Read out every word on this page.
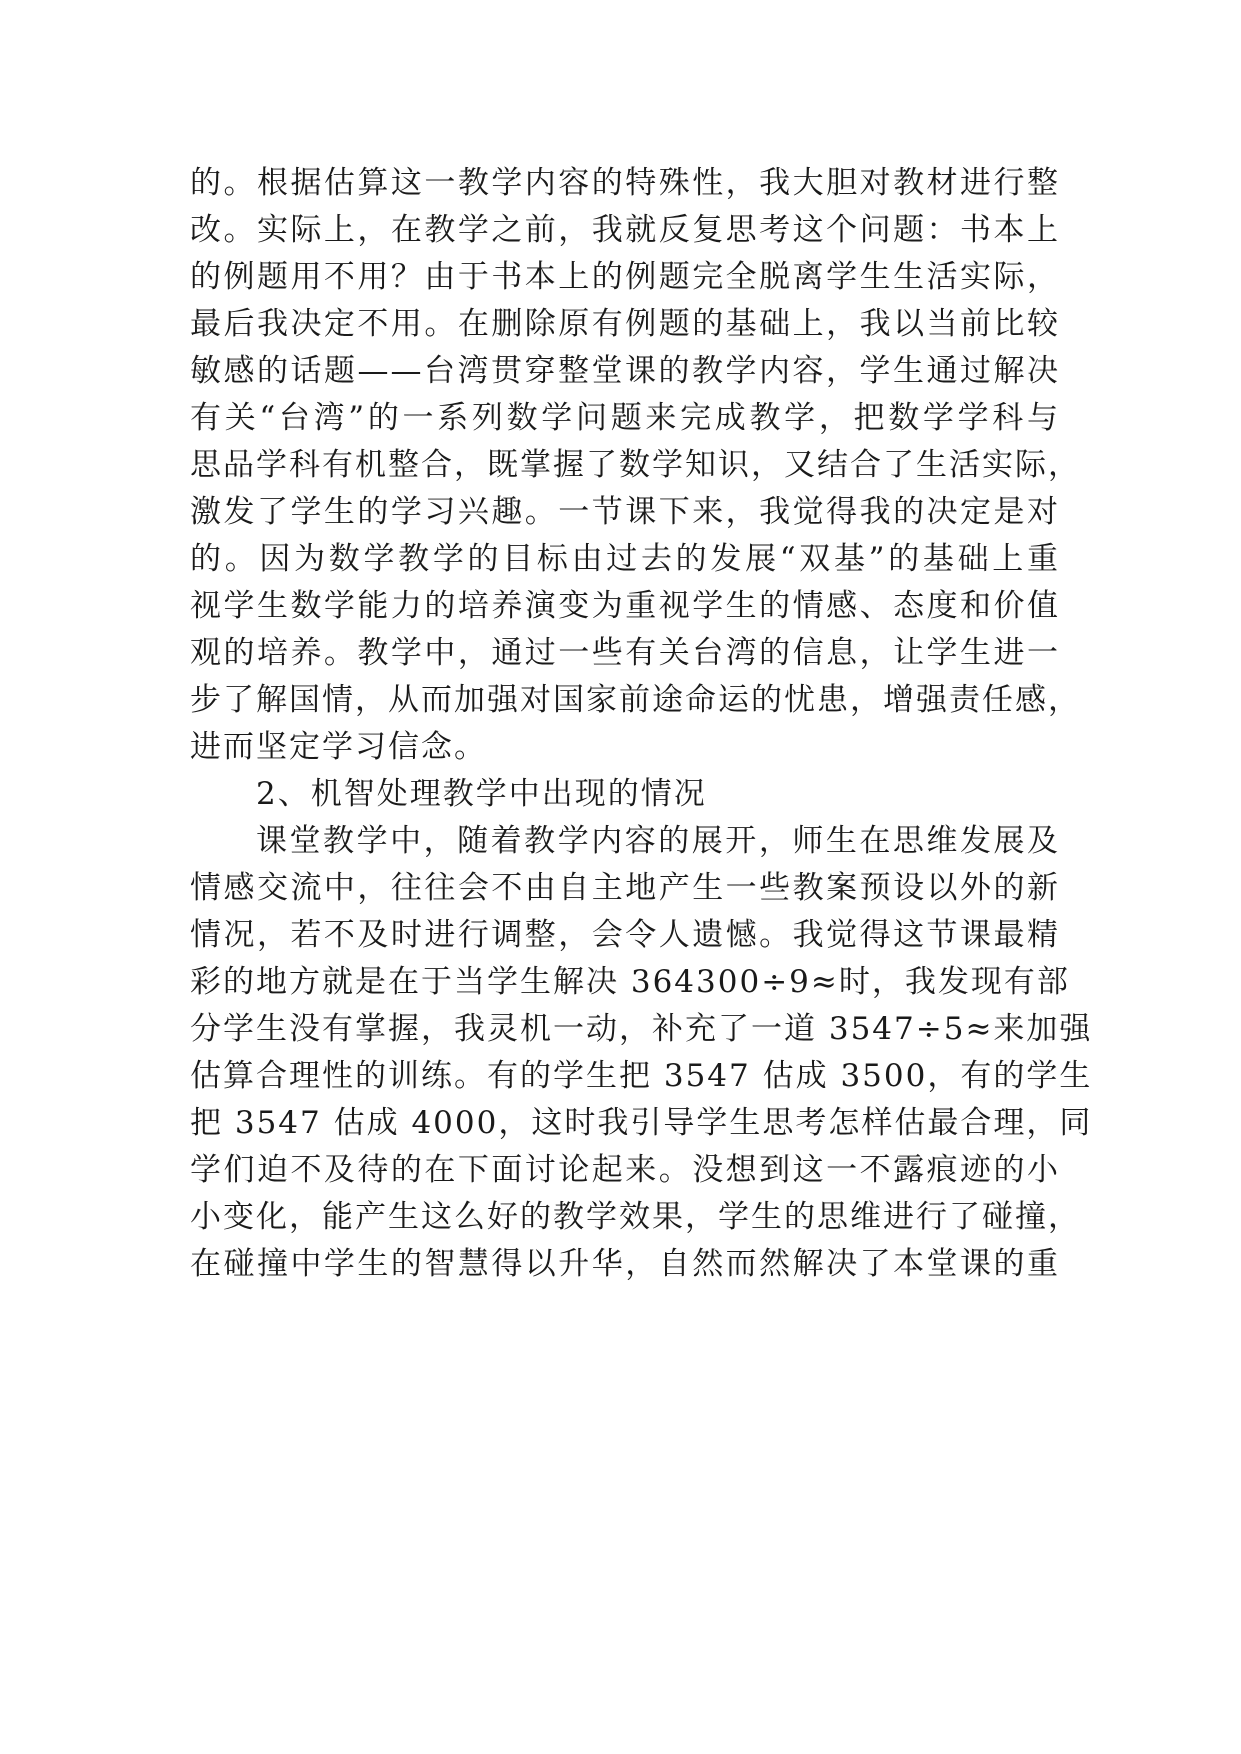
的。根据估算这一教学内容的特殊性，我大胆对教材进行整
改。实际上，在教学之前，我就反复思考这个问题：书本上
的例题用不用？由于书本上的例题完全脱离学生生活实际，
最后我决定不用。在删除原有例题的基础上，我以当前比较
敏感的话题——台湾贯穿整堂课的教学内容，学生通过解决
有关“台湾”的一系列数学问题来完成教学，把数学学科与
思品学科有机整合，既掌握了数学知识，又结合了生活实际，
激发了学生的学习兴趣。一节课下来，我觉得我的决定是对
的。因为数学教学的目标由过去的发展“双基”的基础上重
视学生数学能力的培养演变为重视学生的情感、态度和价值
观的培养。教学中，通过一些有关台湾的信息，让学生进一
步了解国情，从而加强对国家前途命运的忧患，增强责任感，
进而坚定学习信念。
2、机智处理教学中出现的情况
课堂教学中，随着教学内容的展开，师生在思维发展及
情感交流中，往往会不由自主地产生一些教案预设以外的新
情况，若不及时进行调整，会令人遗憾。我觉得这节课最精
彩的地方就是在于当学生解决 364300÷9≈时，我发现有部
分学生没有掌握，我灵机一动，补充了一道 3547÷5≈来加强
估算合理性的训练。有的学生把 3547 估成 3500，有的学生
把 3547 估成 4000，这时我引导学生思考怎样估最合理，同
学们迫不及待的在下面讨论起来。没想到这一不露痕迹的小
小变化，能产生这么好的教学效果，学生的思维进行了碰撞，
在碰撞中学生的智慧得以升华，自然而然解决了本堂课的重
